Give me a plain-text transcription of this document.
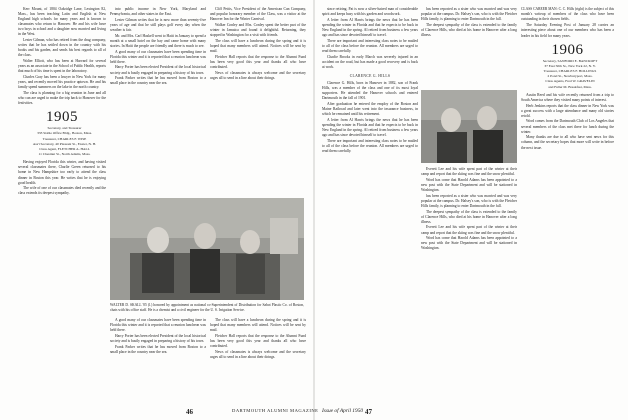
Kerr Mount, of 1804 Oakridge Lane, Lexington 82, Mass., has been teaching Latin and English at New England high schools for many years and is known to classmates who return to Hanover. He and his wife have two boys in school and a daughter now married and living in the West.

Lester Gilman, who has retired from the drug company, writes that he has settled down in the country with his books and his garden, and sends his best regards to all of the class.

Walter Elliott, who has been at Harvard for several years as an associate in the School of Public Health, reports that much of his time is spent in the laboratory.

Charles Gray has been a lawyer in New York for many years, and recently moved his practice uptown. He and his family spend summers on the lake in the north country.

The class is planning for a big reunion in June and all who can are urged to make the trip back to Hanover for the festivities.

1905

Secretary, and Treasurer

333 Stable Office Bldg., Boston, Mass.

Treasurer, CHARLES F. WISE

Ass't Secretary, 40 Pleasant St., Exeter, N. H.

Class Agent, FLETCHER A. HALL

11 Chestnut St., North Adams, Mass.

Having enjoyed Florida this winter, and having visited several classmates there, Charlie Green returned to his home in New Hampshire too early to attend the class dinner in Boston this year. He writes that he is enjoying good health.

The wife of one of our classmates died recently and the class extends its deepest sympathy.

into public income in New York, Maryland and Pennsylvania, and other states in the East.

Lester Gilman writes that he is now more than seventy-five years of age and that he still plays golf every day when the weather is fair.

Mr. and Mrs. Carl Haskell went to Haiti in January to spend a month at a small hotel on the bay and came home with many stories. In Haiti the people are friendly and there is much to see.

A good many of our classmates have been spending time in Florida this winter and it is reported that a reunion luncheon was held there.

Harry Porter has been elected President of the local historical society and is busily engaged in preparing a history of his town.

Frank Parker writes that he has moved from Boston to a small place in the country near the sea.

Cliff Pettis, Vice President of the American Can Company, and popular honorary member of the Class, was a visitor at the Hanover Inn for the Winter Carnival.

Walker Conley and Mrs. Conley spent the better part of the winter in Jamaica and found it delightful. Returning, they stopped in Washington for a visit with friends.

The class will have a luncheon during the spring and it is hoped that many members will attend. Notices will be sent by mail.

Fletcher Hall reports that the response to the Alumni Fund has been very good this year and thanks all who have contributed.

News of classmates is always welcome and the secretary urges all to send in a line about their doings.

WALTER D. SKALL '05 (l.) honored by appointment as national co-Superintendent of Distribution for Sabot Plastic Co. of Boston, chats with his office staff. He is a chemist and a civil engineer for the U. S. Irrigation Service.

A good many of our classmates have been spending time in Florida this winter and it is reported that a reunion luncheon was held there.

Harry Porter has been elected President of the local historical society and is busily engaged in preparing a history of his town.

Frank Parker writes that he has moved from Boston to a small place in the country near the sea.

The class will have a luncheon during the spring and it is hoped that many members will attend. Notices will be sent by mail.

Fletcher Hall reports that the response to the Alumni Fund has been very good this year and thanks all who have contributed.

News of classmates is always welcome and the secretary urges all to send in a line about their doings.

46	DARTMOUTH ALUMNI MAGAZINE

since retiring. Pat is now a silver-haired man of considerable spirit and keeps busy with his garden and woodwork.

A letter from Al Harris brings the news that he has been spending the winter in Florida and that he expects to be back in New England in the spring. Al retired from business a few years ago and has since devoted himself to travel.

There are important and interesting class notes to be mailed to all of the class before the reunion. All members are urged to read them carefully.

Charlie Brooks in early March was severely injured in an accident on the road, but has made a good recovery and is back at work.

CLARENCE G. HILLS

Clarence G. Hills, born in Hanover in 1882, son of Frank Hills, was a member of the class and one of its most loyal supporters. He attended the Hanover schools and entered Dartmouth in the fall of 1901.

After graduation he entered the employ of the Boston and Maine Railroad and later went into the insurance business, in which he remained until his retirement.

A letter from Al Harris brings the news that he has been spending the winter in Florida and that he expects to be back in New England in the spring. Al retired from business a few years ago and has since devoted himself to travel.

There are important and interesting class notes to be mailed to all of the class before the reunion. All members are urged to read them carefully.

has been reported as a sister who was married and was very popular at the campus. Dr. Halsey's son, who is with the Fletcher Hills family, is planning to enter Dartmouth in the fall.

The deepest sympathy of the class is extended to the family of Clarence Hills, who died at his home in Hanover after a long illness.

Everett Lee and his wife spent part of the winter at their camp and report that the skiing was fine and the snow plentiful.

Word has come that Harold Adams has been appointed to a new post with the State Department and will be stationed in Washington.

has been reported as a sister who was married and was very popular at the campus. Dr. Halsey's son, who is with the Fletcher Hills family, is planning to enter Dartmouth in the fall.

The deepest sympathy of the class is extended to the family of Clarence Hills, who died at his home in Hanover after a long illness.

Everett Lee and his wife spent part of the winter at their camp and report that the skiing was fine and the snow plentiful.

Word has come that Harold Adams has been appointed to a new post with the State Department and will be stationed in Washington.

CLASS CAREER MAN: C. C. Hills (right) is the subject of this month's writeup of members of the class who have been outstanding in their chosen fields.

The Saturday Evening Post of January 28 carries an interesting piece about one of our members who has been a leader in his field for many years.

1906

Secretary, SANFORD E. BANCROFT

37 East 50th St., New York 22, N. Y.

Treasurer, CHARLES F. HOLLINGS

2 Pond St., Newburyport, Mass.

Class Agents, Fred W. GRAVELIN

and Fuller M. Breakfast, Mass.

Austin Reed and his wife recently returned from a trip to South America where they visited many points of interest.

Herb Jenkins reports that the class dinner in New York was a great success with a large attendance and many old stories retold.

Word comes from the Dartmouth Club of Los Angeles that several members of the class met there for lunch during the winter.

Many thanks are due to all who have sent news for this column, and the secretary hopes that more will write in before the next issue.

Issue of April 1950 47
